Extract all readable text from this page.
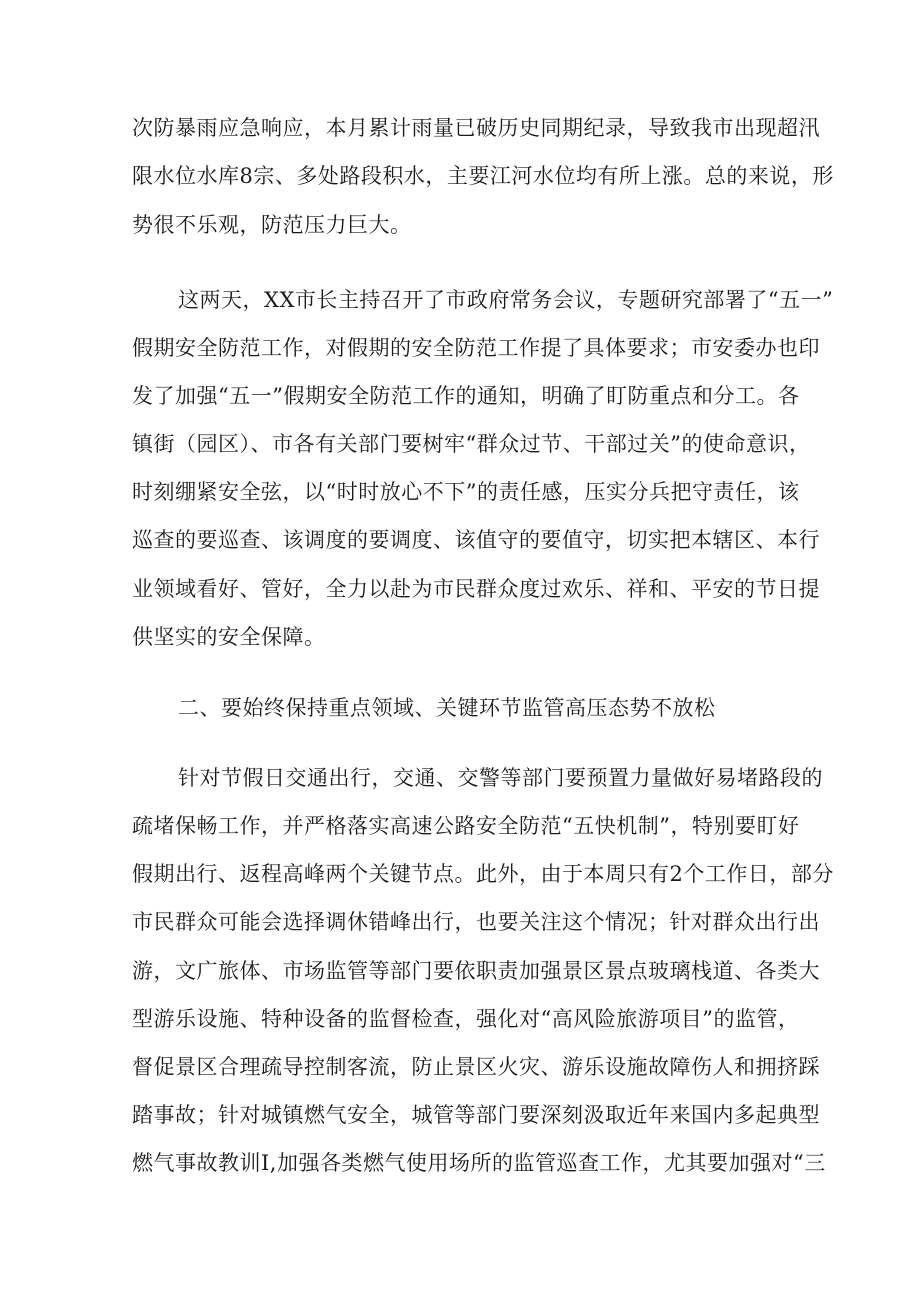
次防暴雨应急响应，本月累计雨量已破历史同期纪录，导致我市出现超汛
限水位水库8宗、多处路段积水，主要江河水位均有所上涨。总的来说，形
势很不乐观，防范压力巨大。
这两天，XX市长主持召开了市政府常务会议，专题研究部署了“五一”
假期安全防范工作，对假期的安全防范工作提了具体要求；市安委办也印
发了加强“五一”假期安全防范工作的通知，明确了盯防重点和分工。各
镇街（园区）、市各有关部门要树牢“群众过节、干部过关”的使命意识，
时刻绷紧安全弦，以“时时放心不下”的责任感，压实分兵把守责任，该
巡查的要巡查、该调度的要调度、该值守的要值守，切实把本辖区、本行
业领域看好、管好，全力以赴为市民群众度过欢乐、祥和、平安的节日提
供坚实的安全保障。
二、要始终保持重点领域、关键环节监管高压态势不放松
针对节假日交通出行，交通、交警等部门要预置力量做好易堵路段的
疏堵保畅工作，并严格落实高速公路安全防范“五快机制”，特别要盯好
假期出行、返程高峰两个关键节点。此外，由于本周只有2个工作日，部分
市民群众可能会选择调休错峰出行，也要关注这个情况；针对群众出行出
游，文广旅体、市场监管等部门要依职责加强景区景点玻璃栈道、各类大
型游乐设施、特种设备的监督检查，强化对“高风险旅游项目”的监管，
督促景区合理疏导控制客流，防止景区火灾、游乐设施故障伤人和拥挤踩
踏事故；针对城镇燃气安全，城管等部门要深刻汲取近年来国内多起典型
燃气事故教训I,加强各类燃气使用场所的监管巡查工作，尤其要加强对“三
